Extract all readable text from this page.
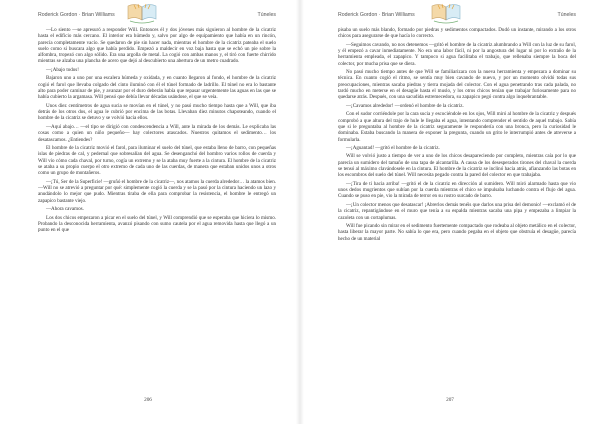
Roderick Gordon · Brian Williams	Túneles

—Lo siento —se apresuró a responder Will. Entonces él y dos jóvenes más siguieron al hombre de la cicatriz hasta el edificio más cercano. El interior era húmedo y, salvo por algo de equipamiento que había en un rincón, parecía completamente vacío. Se quedaron de pie sin hacer nada, mientras el hombre de la cicatriz pateaba el suelo suelo como si buscara algo que había perdido. Empezó a maldecir en voz baja hasta que se echó un pie sobre la alfombra, tropezó con algo sólido. Era una argolla de metal. La cogió con ambas manos y, el tiró con fuerte chirrido mientras se alzaba una plancha de acero que dejó al descubierto una abertura de un metro cuadrado.

—¡Abajo todos!

Bajaron uno a uno por una escalera húmeda y oxidada, y en cuanto llegaron al fondo, el hombre de la cicatriz cogió el farol que llevaba colgado del cinto iluminó con él el túnel formado de ladrillo. El túnel no era lo bastante alto para poder caminar de pie, y avanzar por el duro deberán había que repasar urgentemente las aguas en las que se había cubierto la argamasa. Will pensó que debía llevar décadas usándose, el que se veía.

Unos diez centímetros de agua sucia se movían en el túnel, y no pasó mucho tiempo hasta que a Will, que iba detrás de los otros dos, el agua le cubrió por encima de las botas. Llevaban diez minutos chapoteando, cuando el hombre de la cicatriz se detuvo y se volvió hacia ellos.

—Aquí abajo… —el tipo se dirigió con condescendencia a Will, ante la mirada de los demás. Le explicaba las cosas como a quien un niño pequeño— hay colectores atascados. Nuestros quitamos el sedimento… los desatascamos. ¿Entiendes?

El hombre de la cicatriz movió el farol, para iluminar el suelo del túnel, que estaba lleno de barro, con pequeñas islas de piedras de cal, y pedernal que sobresalían del agua. Se desenganchó del hombro varios rollos de cuerda y Will vio cómo cada chaval, por turno, cogía un extremo y se la ataba muy fuerte a la cintura. El hombre de la cicatriz se ataba a su propio cuerpo el otro extremo de cada uno de las cuerdas, de manera que estaban unidos unos a otros como un grupo de montañeros.

—¡Tú, Ser de la Superficie! —gruñó el hombre de la cicatriz—, nos atamos la cuerda alrededor… la atamos bien. —Will no se atrevió a preguntar por qué: simplemente cogió la cuerda y se la pasó por la cintura haciendo un lazo y anudándolo lo mejor que pudo. Mientras tiraba de ella para comprobar la resistencia, el hombre le entregó un zapapico bastante viejo.

—Ahora cavamos.

Los dos chicos empezaron a picar en el suelo del túnel, y Will comprendió que se esperaba que hiciera lo mismo. Probando la desconocida herramienta, avanzó pisando con sumo cautela por el agua removida hasta que llegó a un punto en el que

206
Roderick Gordon · Brian Williams	Túneles

pisaba un suelo más blando, formado por piedras y sedimentos compactados. Dudó un instante, mirando a los otros chicos para asegurarse de que hacía lo correcto.

—Seguimos cavando, no nos detenemos —gritó el hombre de la cicatriz alumbrando a Will con la luz de su farol, y él empezó a cavar inmediatamente. No era una labor fácil, ni por la angostura del lugar ni por lo extraño de la herramienta empleada, el zapapico. Y tampoco si agua facilitaba el trabajo, que rellenaba siempre la boca del colector, por mucha prisa que se diera.

No pasó mucho tiempo antes de que Will se familiarizara con la nueva herramienta y empezara a dominar su técnica. En cuanto cogió el ritmo, se sentía muy bien cavando de nuevo, y por un momento olvidó todas sus preocupaciones, mientras sacaba piedras y tierra mojada del colector. Con el agua penetrando tras cada palada, no tardó mucho en meterse en el desagüe hasta el muslo, y los otros chicos tenían que trabajar furiosamente para no quedarse atrás. Después, con una sacudida estremecedora, su zapapico pegó contra algo inquebrantable.

—¡Cavamos alrededor! —ordenó el hombre de la cicatriz.

Con el sudor corriéndole por la cara sucia y escociéndole en los ojos, Will miró al hombre de la cicatriz y después comprobó a que altura del trajo de hule le llegaba el agua, intentando comprender el sentido de aquel trabajo. Sabía que si le preguntaba al hombre de la cicatriz seguramente le respondería con una bronca, pero la curiosidad le dominaba. Estaba buscando la manera de exponer la pregunta, cuando un grito le interrumpió antes de atreverse a formularla.

—¡Aguantad! —gritó el hombre de la cicatriz.

Will se volvió justo a tiempo de ver a uno de los chicos desapareciendo por completo, mientras caía por lo que parecía un sumidero del tamaño de una tapa de alcantarilla. A causa de los desesperados tirones del chaval la cuerda se tensó al máximo clavándosele en la cintura. El hombre de la cicatriz se inclinó hacia atrás, afianzando las botas en los escombros del suelo del túnel. Will necesita pegado contra la pared del colector en que trabajaba.

—¡Tira de ti hacia arriba! —gritó el de la cicatriz en dirección al sumidero. Will miró alarmado hasta que vio unos dedos mugrientos que subían por la cuerda mientras el chico se impulsaba luchando contra el flujo del agua. Cuando se puso en pie, vio la mirada de terror en su rostro surcado de barro.

—¡Un colector menos que desatascar! ¡Abrerlos demás tenéis que darlos una prisa del demonio! —exclamó el de la cicatriz, repantigándose en el muro que tenía a su espalda mientras sacaba una pipa y empezaba a limpiar la cazoleta con un cortaplumas.

Will fue picando sin mirar en el sedimento fuertemente compactado que rodeaba al objeto metálico en el colector, hasta liberar la mayor parte. No sabía lo que era, pero cuando pegaba en el objeto que obstruía el desagüe, parecía hecho de un material

207
